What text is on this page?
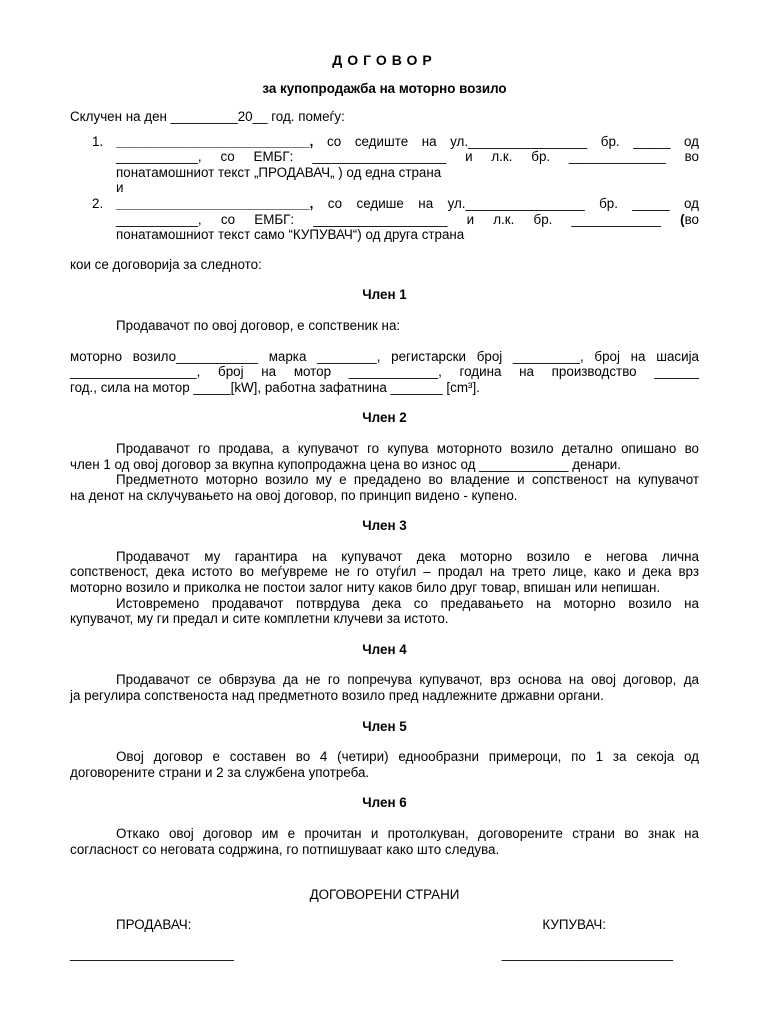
ДОГОВОР
за купопродажба на моторно возило
Склучен на ден _________20__ год. помеѓу:
1. __________________________, со седиште на ул.________________ бр. _____ од
___________, со ЕМБГ: __________________ и л.к. бр. _____________ во
понатамошниот текст „ПРОДАВАЧ„ ) од една страна
и
2. __________________________, со седише на ул.________________ бр. _____ од
___________, со ЕМБГ: __________________ и л.к. бр. ____________ (во
понатамошниот текст само “КУПУВАЧ“) од друга страна
кои се договорија за следното:
Член 1
Продавачот по овој договор, е сопственик на:
моторно возило___________ марка ________, регистарски број _________, број на шасија
_________________, број на мотор ____________, година на производство ______
год., сила на мотор _____[kW], работна зафатнина _______ [cm³].
Член 2
Продавачот го продава, а купувачот го купува моторното возило детално опишано во
член 1 од овој договор за вкупна купопрoдажна цена во износ од ____________ денари.
Предметното моторно возило му е предадено во владение и сопственост на купувачот
на денот на склучувањето на овој договор, по принцип видено - купено.
Член 3
Продавачот му гарантира на купувачот дека моторно возило е негова лична
сопственост, дека истото во меѓувреме не го отуѓил – продал на трето лице, како и дека врз
моторно возило и приколка не постои залог ниту каков било друг товар, впишан или непишан.
Истовремено продавачот потврдува дека со предавањето на моторно возило на
купувачот, му ги предал и сите комплетни клучеви за истото.
Член 4
Продавачот се обврзува да не го попречува купувачот, врз основа на овој договор, да
ја регулира сопственоста над предметното возило пред надлежните државни органи.
Член 5
Овој договор е составен во 4 (четири) еднообразни примероци, по 1 за секоја од
договорените страни и 2 за службена употреба.
Член 6
Откако овој договор им е прочитан и протолкуван, договорените страни во знак на
согласност со неговата содржина, го потпишуваат како што следува.
ДОГОВОРЕНИ СТРАНИ
ПРОДАВАЧ:	КУПУВАЧ:
______________________	_______________________
